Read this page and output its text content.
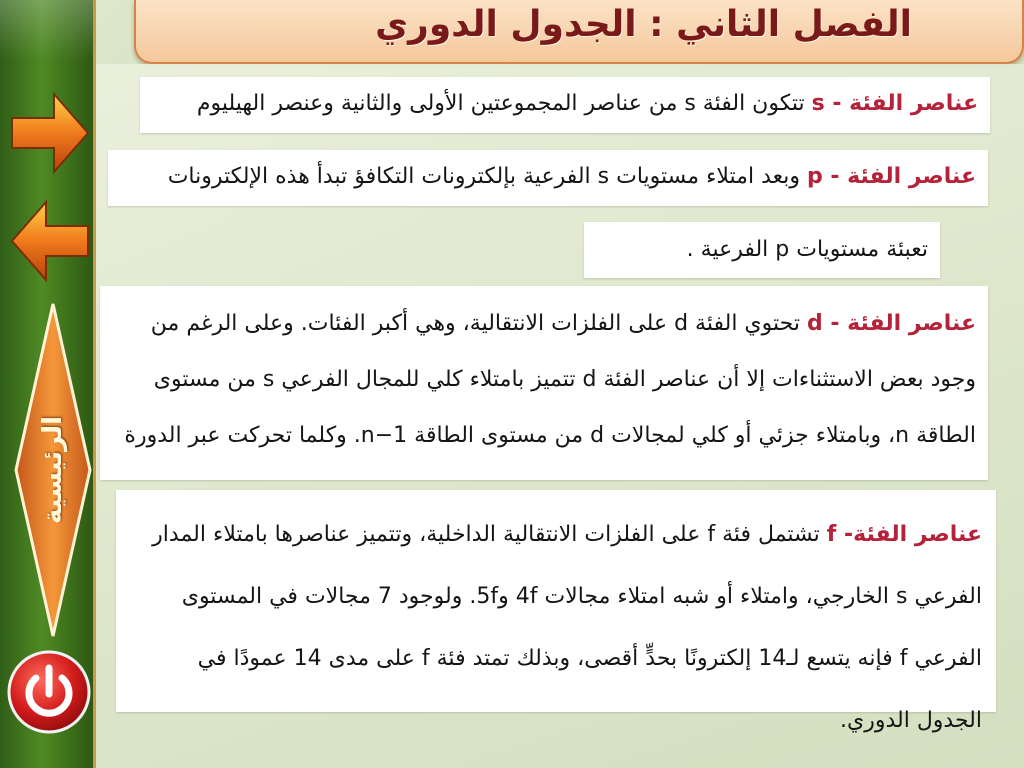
الفصل الثاني : الجدول الدوري
الرئيسية
عناصر الفئة - s تتكون الفئة s من عناصر المجموعتين الأولى والثانية وعنصر الهيليوم
عناصر الفئة - p وبعد امتلاء مستويات s الفرعية بإلكترونات التكافؤ تبدأ هذه الإلكترونات
تعبئة مستويات p الفرعية .
عناصر الفئة - d تحتوي الفئة d على الفلزات الانتقالية، وهي أكبر الفئات. وعلى الرغم من وجود بعض الاستثناءات إلا أن عناصر الفئة d تتميز بامتلاء كلي للمجال الفرعي s من مستوى الطاقة n، وبامتلاء جزئي أو كلي لمجالات d من مستوى الطاقة n−1. وكلما تحركت عبر الدورة
عناصر الفئة- f تشتمل فئة f على الفلزات الانتقالية الداخلية، وتتميز عناصرها بامتلاء المدار الفرعي s الخارجي، وامتلاء أو شبه امتلاء مجالات 4f و5f. ولوجود 7 مجالات في المستوى الفرعي f فإنه يتسع لـ14 إلكترونًا بحدٍّ أقصى، وبذلك تمتد فئة f على مدى 14 عمودًا في الجدول الدوري.
